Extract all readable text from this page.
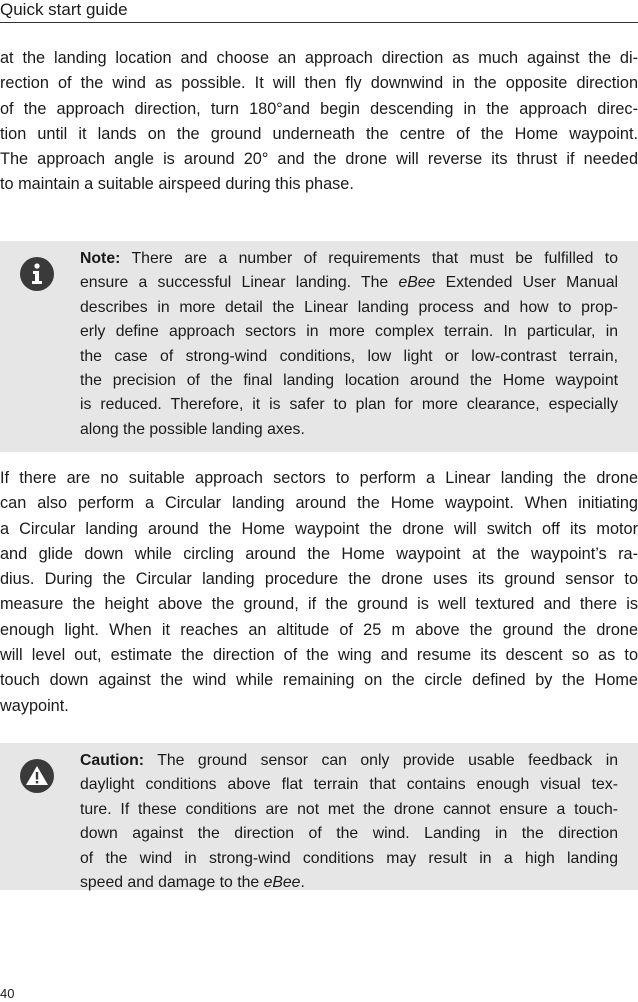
Quick start guide
at the landing location and choose an approach direction as much against the di-
rection of the wind as possible. It will then fly downwind in the opposite direction
of the approach direction, turn 180°and begin descending in the approach direc-
tion until it lands on the ground underneath the centre of the Home waypoint.
The approach angle is around 20° and the drone will reverse its thrust if needed
to maintain a suitable airspeed during this phase.
Note: There are a number of requirements that must be fulfilled to
ensure a successful Linear landing. The eBee Extended User Manual
describes in more detail the Linear landing process and how to prop-
erly define approach sectors in more complex terrain. In particular, in
the case of strong-wind conditions, low light or low-contrast terrain,
the precision of the final landing location around the Home waypoint
is reduced. Therefore, it is safer to plan for more clearance, especially
along the possible landing axes.
If there are no suitable approach sectors to perform a Linear landing the drone
can also perform a Circular landing around the Home waypoint. When initiating
a Circular landing around the Home waypoint the drone will switch off its motor
and glide down while circling around the Home waypoint at the waypoint’s ra-
dius. During the Circular landing procedure the drone uses its ground sensor to
measure the height above the ground, if the ground is well textured and there is
enough light. When it reaches an altitude of 25 m above the ground the drone
will level out, estimate the direction of the wing and resume its descent so as to
touch down against the wind while remaining on the circle defined by the Home
waypoint.
Caution: The ground sensor can only provide usable feedback in
daylight conditions above flat terrain that contains enough visual tex-
ture. If these conditions are not met the drone cannot ensure a touch-
down against the direction of the wind. Landing in the direction
of the wind in strong-wind conditions may result in a high landing
speed and damage to the eBee.
40
